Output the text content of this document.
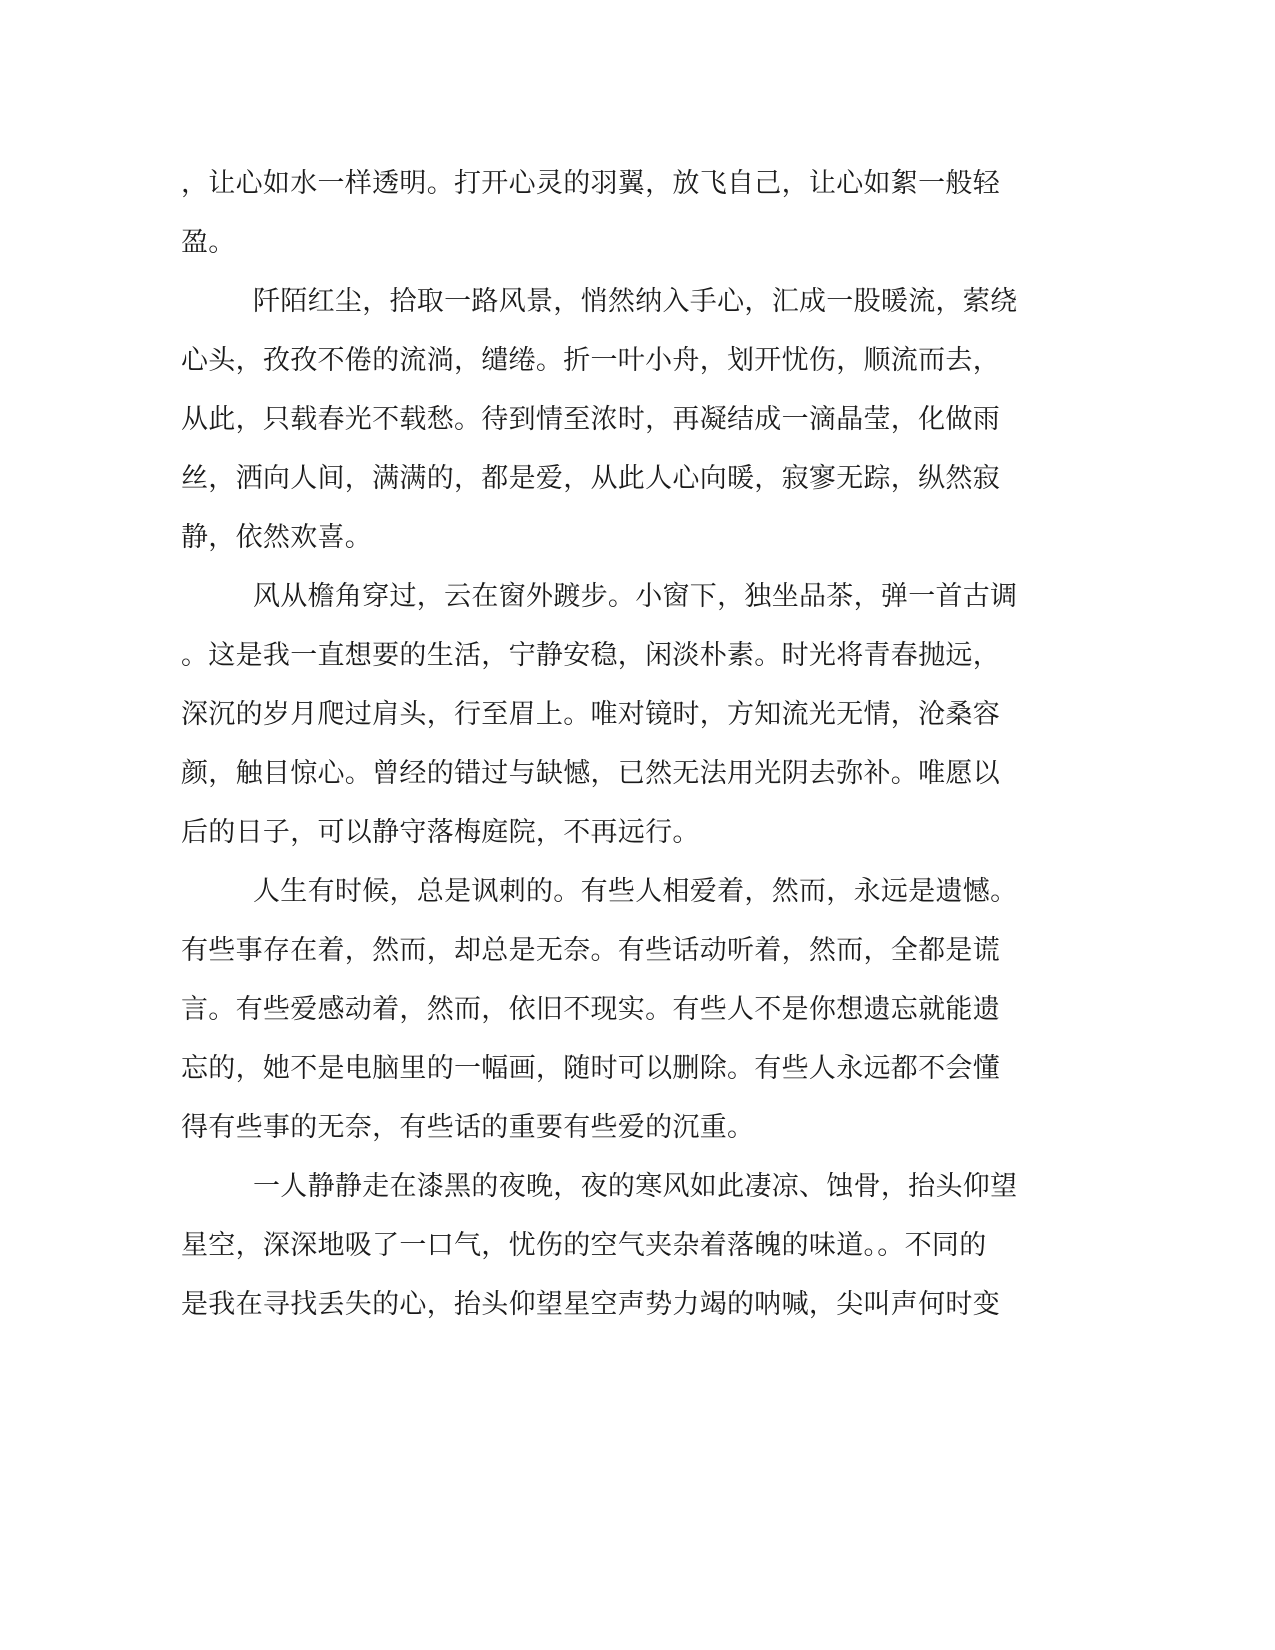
，让心如水一样透明。打开心灵的羽翼，放飞自己，让心如絮一般轻
盈。
阡陌红尘，拾取一路风景，悄然纳入手心，汇成一股暖流，萦绕
心头，孜孜不倦的流淌，缱绻。折一叶小舟，划开忧伤，顺流而去，
从此，只载春光不载愁。待到情至浓时，再凝结成一滴晶莹，化做雨
丝，洒向人间，满满的，都是爱，从此人心向暖，寂寥无踪，纵然寂
静，依然欢喜。
风从檐角穿过，云在窗外踱步。小窗下，独坐品茶，弹一首古调
。这是我一直想要的生活，宁静安稳，闲淡朴素。时光将青春抛远，
深沉的岁月爬过肩头，行至眉上。唯对镜时，方知流光无情，沧桑容
颜，触目惊心。曾经的错过与缺憾，已然无法用光阴去弥补。唯愿以
后的日子，可以静守落梅庭院，不再远行。
人生有时候，总是讽刺的。有些人相爱着，然而，永远是遗憾。
有些事存在着，然而，却总是无奈。有些话动听着，然而，全都是谎
言。有些爱感动着，然而，依旧不现实。有些人不是你想遗忘就能遗
忘的，她不是电脑里的一幅画，随时可以删除。有些人永远都不会懂
得有些事的无奈，有些话的重要有些爱的沉重。
一人静静走在漆黑的夜晚，夜的寒风如此凄凉、蚀骨，抬头仰望
星空，深深地吸了一口气，忧伤的空气夹杂着落魄的味道。。不同的
是我在寻找丢失的心，抬头仰望星空声势力竭的呐喊，尖叫声何时变
